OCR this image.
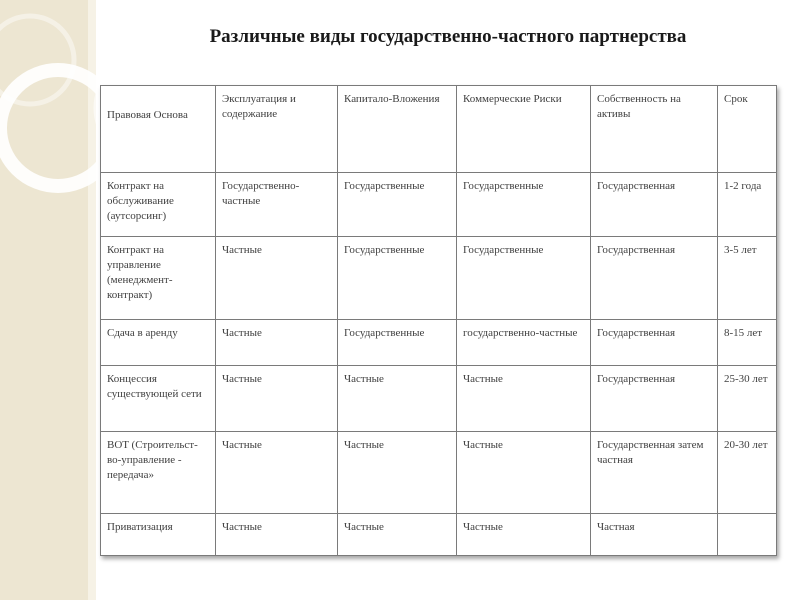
Различные виды государственно-частного партнерства
Правовая Основа	Эксплуатация и содержание	Капитало-Вложения	Коммерческие Риски	Собственность на активы	Срок
Контракт на обслуживание (аутсорсинг)	Государственно-частные	Государственные	Государственные	Государственная	1-2 года
Контракт на управление (менеджмент-контракт)	Частные	Государственные	Государственные	Государственная	3-5 лет
Сдача в аренду	Частные	Государственные	государственно-частные	Государственная	8-15 лет
Концессия существующей сети	Частные	Частные	Частные	Государственная	25-30 лет
BOT (Строительст-во-управление - передача»	Частные	Частные	Частные	Государственная затем частная	20-30 лет
Приватизация	Частные	Частные	Частные	Частная	
